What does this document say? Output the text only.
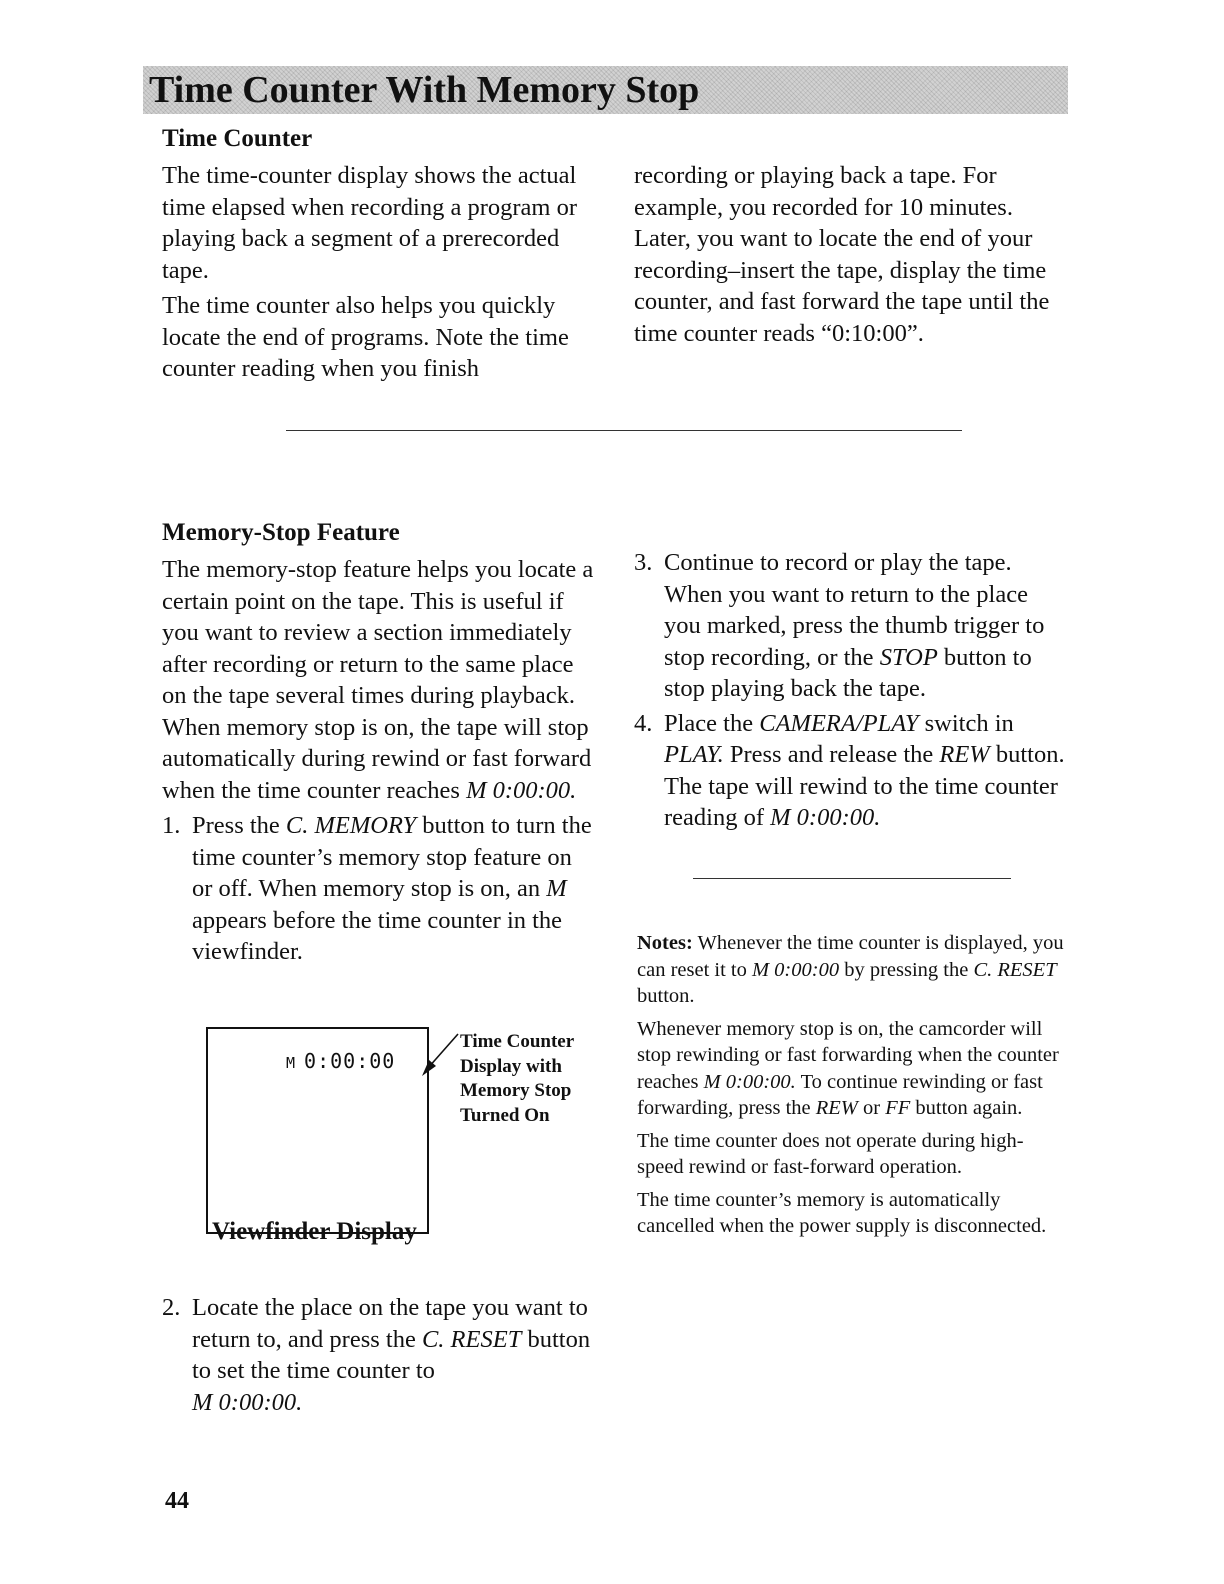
Time Counter With Memory Stop
Time Counter

The time-counter display shows the actual time elapsed when recording a program or playing back a segment of a prerecorded tape.

The time counter also helps you quickly locate the end of programs. Note the time counter reading when you finish

recording or playing back a tape. For example, you recorded for 10 minutes. Later, you want to locate the end of your recording–insert the tape, display the time counter, and fast forward the tape until the time counter reads “0:10:00”.

Memory-Stop Feature

The memory-stop feature helps you locate a certain point on the tape. This is useful if you want to review a section immediately after recording or return to the same place on the tape several times during playback. When memory stop is on, the tape will stop automatically during rewind or fast forward when the time counter reaches M 0:00:00.

1. Press the C. MEMORY button to turn the time counter’s memory stop feature on or off. When memory stop is on, an M appears before the time counter in the viewfinder.
M 0:00:00
Time Counter Display with Memory Stop Turned On
Viewfinder Display
2. Locate the place on the tape you want to return to, and press the C. RESET button to set the time counter to
M 0:00:00.
3. Continue to record or play the tape. When you want to return to the place you marked, press the thumb trigger to stop recording, or the STOP button to stop playing back the tape.
4. Place the CAMERA/PLAY switch in PLAY. Press and release the REW button. The tape will rewind to the time counter reading of M 0:00:00.

Notes: Whenever the time counter is displayed, you can reset it to M 0:00:00 by pressing the C. RESET button.

Whenever memory stop is on, the camcorder will stop rewinding or fast forwarding when the counter reaches M 0:00:00. To continue rewinding or fast forwarding, press the REW or FF button again.

The time counter does not operate during high-speed rewind or fast-forward operation.

The time counter’s memory is automatically cancelled when the power supply is disconnected.

44
